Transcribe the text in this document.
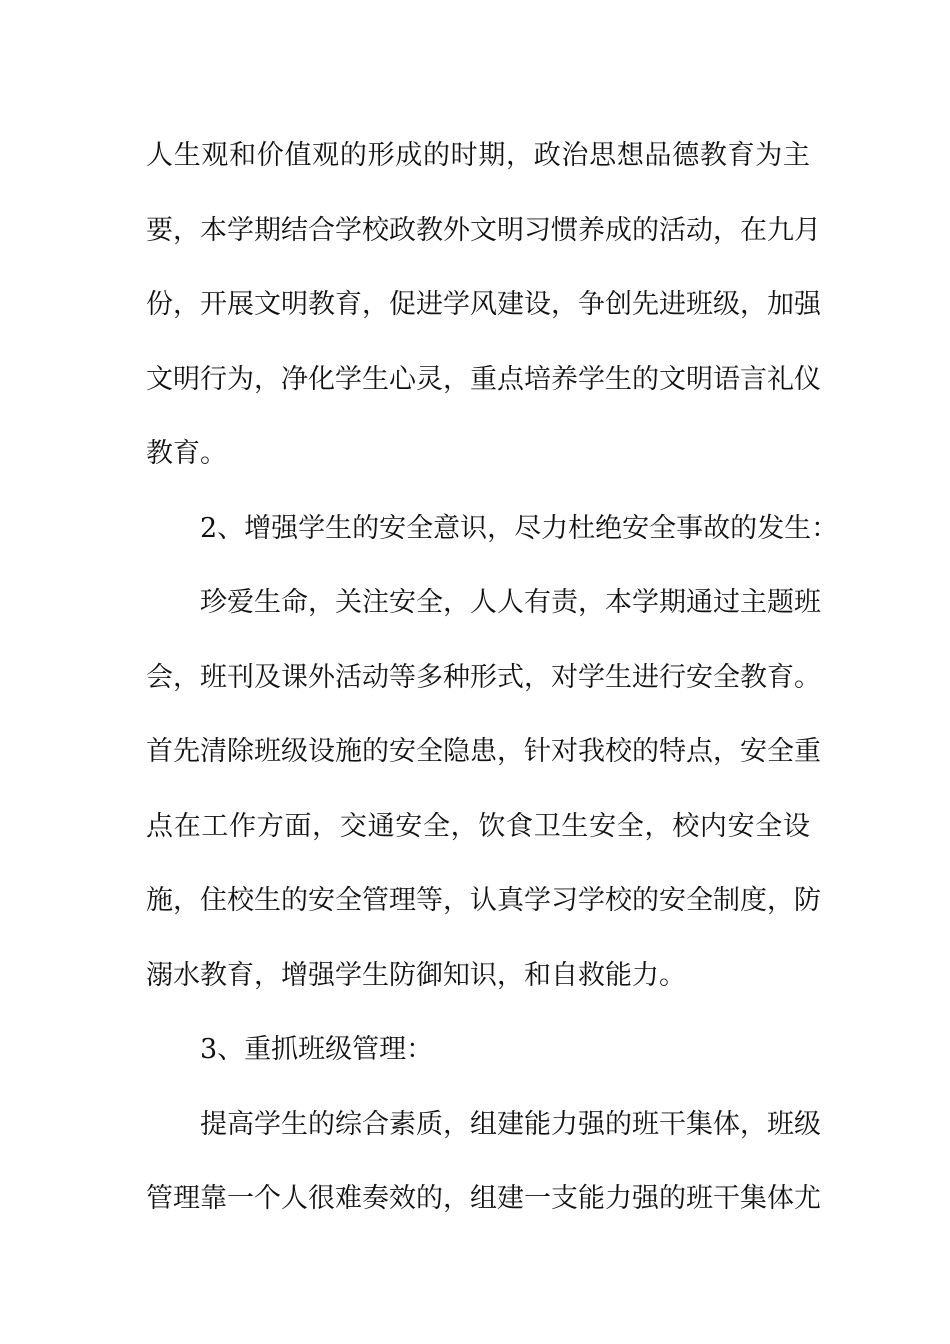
人生观和价值观的形成的时期，政治思想品德教育为主
要，本学期结合学校政教外文明习惯养成的活动，在九月
份，开展文明教育，促进学风建设，争创先进班级，加强
文明行为，净化学生心灵，重点培养学生的文明语言礼仪
教育。
2、增强学生的安全意识，尽力杜绝安全事故的发生：
珍爱生命，关注安全，人人有责，本学期通过主题班
会，班刊及课外活动等多种形式，对学生进行安全教育。
首先清除班级设施的安全隐患，针对我校的特点，安全重
点在工作方面，交通安全，饮食卫生安全，校内安全设
施，住校生的安全管理等，认真学习学校的安全制度，防
溺水教育，增强学生防御知识，和自救能力。
3、重抓班级管理：
提高学生的综合素质，组建能力强的班干集体，班级
管理靠一个人很难奏效的，组建一支能力强的班干集体尤
